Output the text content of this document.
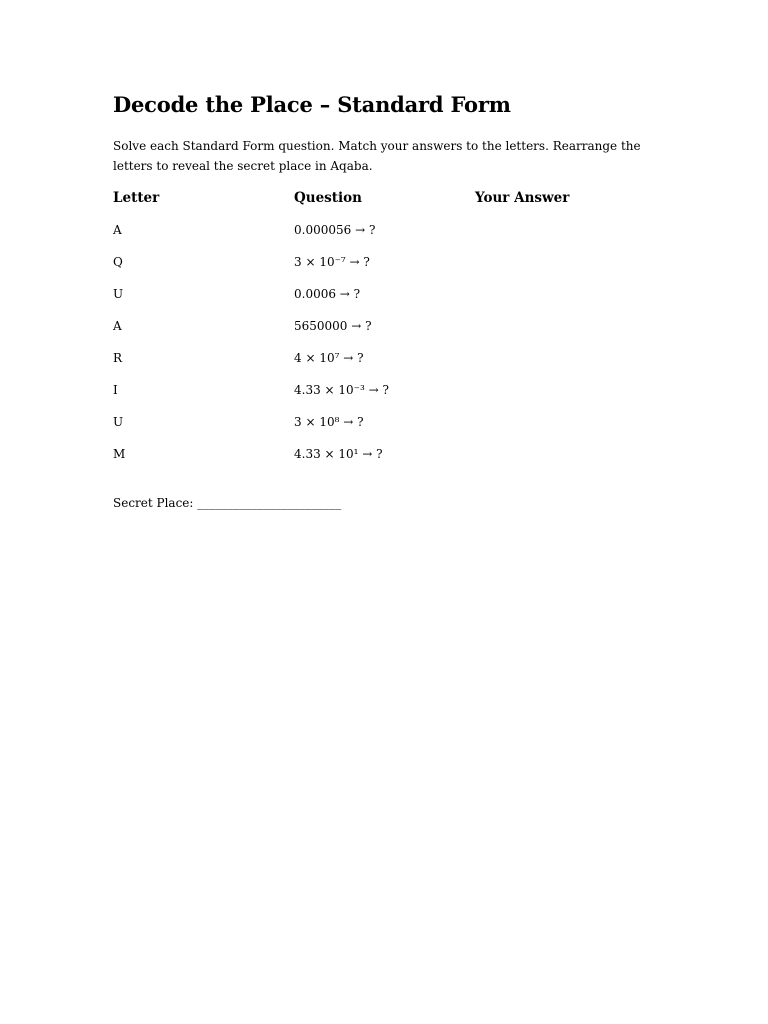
Decode the Place – Standard Form

Solve each Standard Form question. Match your answers to the letters. Rearrange the letters to reveal the secret place in Aqaba.

Letter	Question	Your Answer
A	0.000056 → ?
Q	3 × 10⁻⁷ → ?
U	0.0006 → ?
A	5650000 → ?
R	4 × 10⁷ → ?
I	4.33 × 10⁻³ → ?
U	3 × 10⁸ → ?
M	4.33 × 10¹ → ?
Secret Place: ________________________
